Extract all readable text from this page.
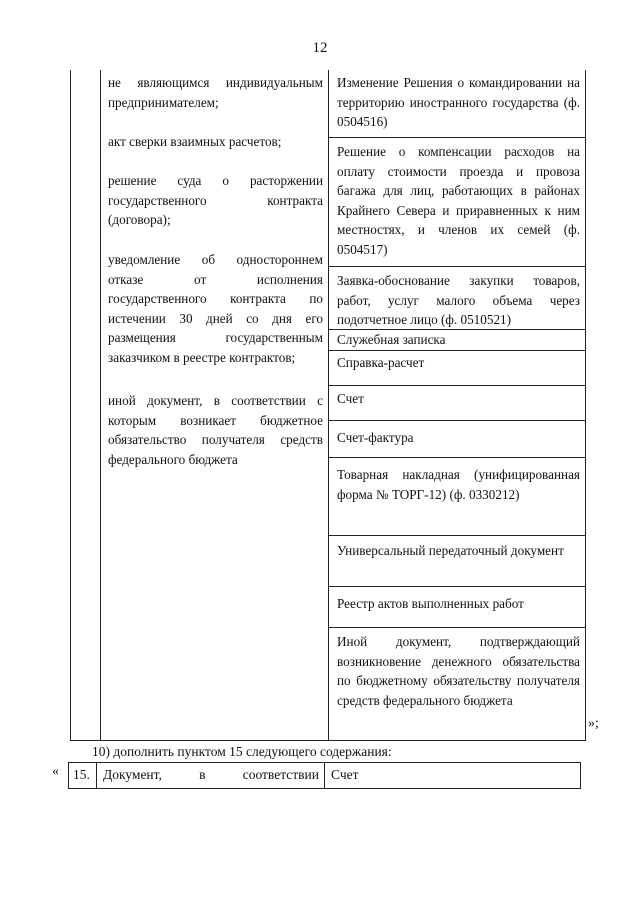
12
не являющимся индивидуальным предпринимателем;
акт сверки взаимных расчетов;
решение суда о расторжении государственного контракта (договора);
уведомление об одностороннем отказе от исполнения государственного контракта по истечении 30 дней со дня его размещения государственным заказчиком в реестре контрактов;
иной документ, в соответствии с которым возникает бюджетное обязательство получателя средств федерального бюджета
Изменение Решения о командировании на территорию иностранного государства (ф. 0504516)
Решение о компенсации расходов на оплату стоимости проезда и провоза багажа для лиц, работающих в районах Крайнего Севера и приравненных к ним местностях, и членов их семей (ф. 0504517)
Заявка-обоснование закупки товаров, работ, услуг малого объема через подотчетное лицо (ф. 0510521)
Служебная записка
Справка-расчет
Счет
Счет-фактура
Товарная накладная (унифицированная форма № ТОРГ-12) (ф. 0330212)
Универсальный передаточный документ
Реестр актов выполненных работ
Иной документ, подтверждающий возникновение денежного обязательства по бюджетному обязательству получателя средств федерального бюджета
»;
10) дополнить пунктом 15 следующего содержания:
« 15. Документ, в соответствии Счет
